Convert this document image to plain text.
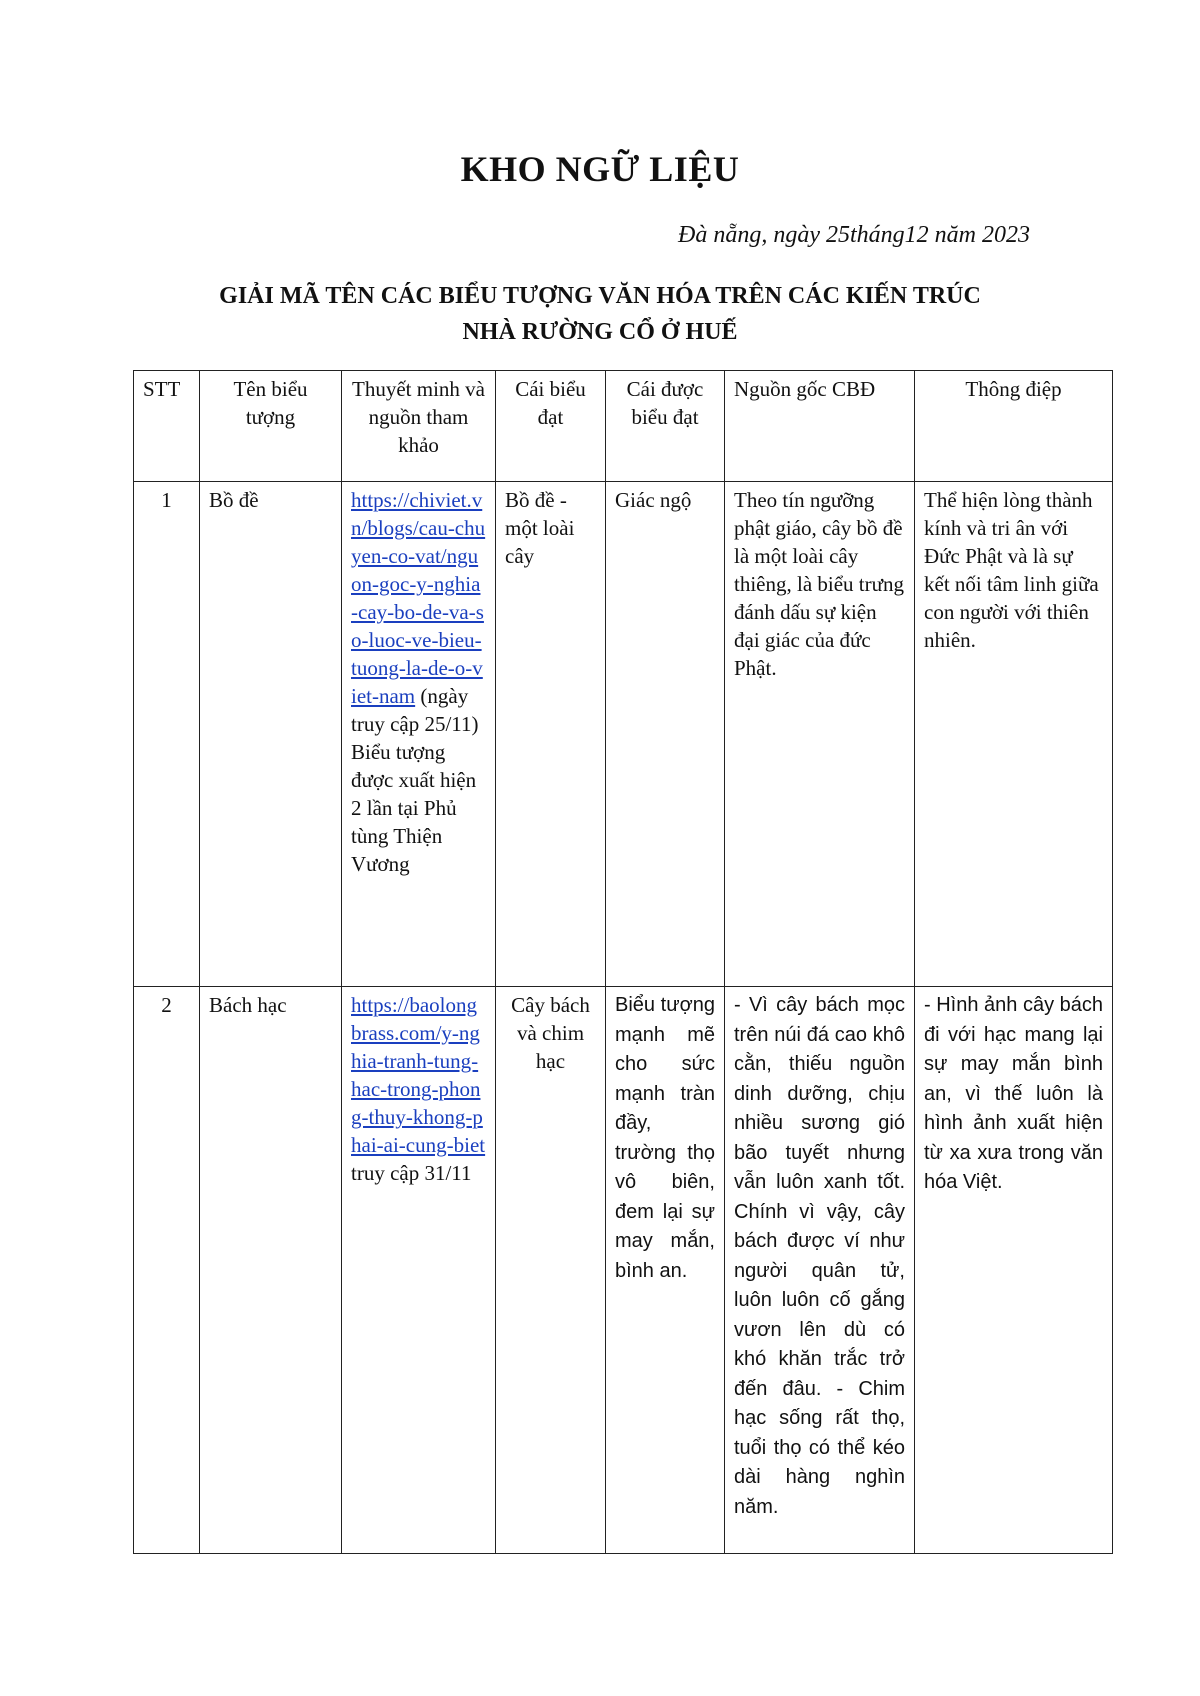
KHO NGỮ LIỆU
Đà nẵng, ngày 25tháng12 năm 2023
GIẢI MÃ TÊN CÁC BIỂU TƯỢNG VĂN HÓA TRÊN CÁC KIẾN TRÚC
NHÀ RƯỜNG CỔ Ở HUẾ
STT	Tên biểu tượng	Thuyết minh và nguồn tham khảo	Cái biểu đạt	Cái được biểu đạt	Nguồn gốc CBĐ	Thông điệp
1	Bồ đề	https://chiviet.vn/blogs/cau-chuyen-co-vat/nguon-goc-y-nghia-cay-bo-de-va-so-luoc-ve-bieu-tuong-la-de-o-viet-nam (ngày truy cập 25/11) Biểu tượng được xuất hiện 2 lần tại Phủ tùng Thiện Vương	Bồ đề - một loài cây	Giác ngộ	Theo tín ngưỡng phật giáo, cây bồ đề là một loài cây thiêng, là biểu trưng đánh dấu sự kiện đại giác của đức Phật.	Thể hiện lòng thành kính và tri ân với Đức Phật và là sự kết nối tâm linh giữa con người với thiên nhiên.
2	Bách hạc	https://baolongbrass.com/y-nghia-tranh-tung-hac-trong-phong-thuy-khong-phai-ai-cung-biet truy cập 31/11	Cây bách và chim hạc	Biểu tượng mạnh mẽ cho sức mạnh tràn đầy, trường thọ vô biên, đem lại sự may mắn, bình an.	- Vì cây bách mọc trên núi đá cao khô cằn, thiếu nguồn dinh dưỡng, chịu nhiều sương gió bão tuyết nhưng vẫn luôn xanh tốt. Chính vì vậy, cây bách được ví như người quân tử, luôn luôn cố gắng vươn lên dù có khó khăn trắc trở đến đâu. - Chim hạc sống rất thọ, tuổi thọ có thể kéo dài hàng nghìn năm.	- Hình ảnh cây bách đi với hạc mang lại sự may mắn bình an, vì thế luôn là hình ảnh xuất hiện từ xa xưa trong văn hóa Việt.
